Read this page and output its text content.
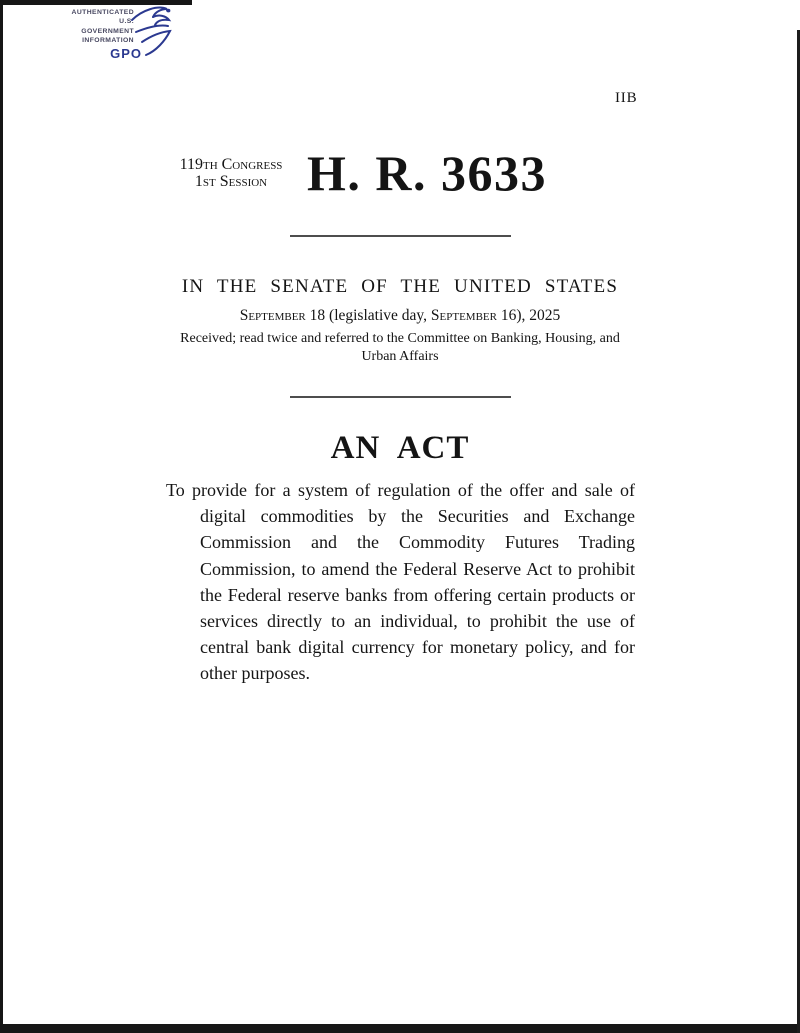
AUTHENTICATED
U.S. GOVERNMENT
INFORMATION
GPO
IIB
119th Congress
1st Session H. R. 3633
IN THE SENATE OF THE UNITED STATES
September 18 (legislative day, September 16), 2025
Received; read twice and referred to the Committee on Banking, Housing, and Urban Affairs
AN ACT
To provide for a system of regulation of the offer and sale of digital commodities by the Securities and Exchange Commission and the Commodity Futures Trading Commission, to amend the Federal Reserve Act to prohibit the Federal reserve banks from offering certain products or services directly to an individual, to prohibit the use of central bank digital currency for monetary policy, and for other purposes.
